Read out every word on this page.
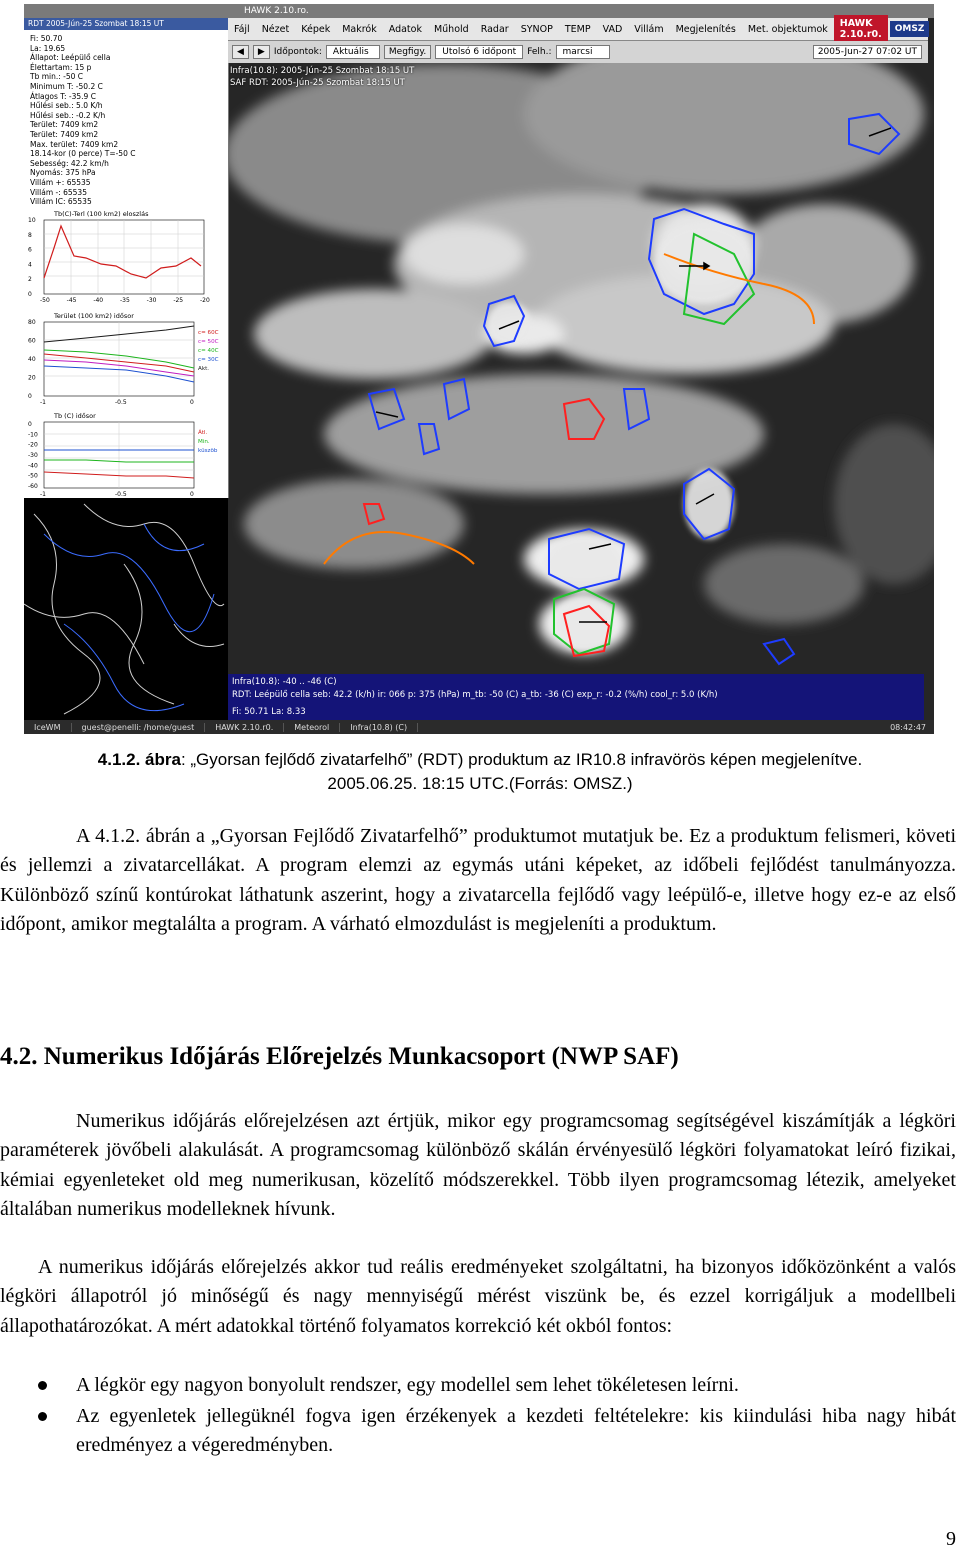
HAWK 2.10.ro.
RDT 2005-Jún-25 Szombat 18:15 UT
Fi: 50.70
La: 19.65
Állapot: Leépülő cella
Élettartam: 15 p
Tb min.: -50 C
Minimum T: -50.2 C
Átlagos T: -35.9 C
Hűlési seb.: 5.0 K/h
Hűlési seb.: -0.2 K/h
Terület: 7409 km2
Terület: 7409 km2
Max. terület: 7409 km2
18.14-kor (0 perce) T=-50 C
Sebesség: 42.2 km/h
Nyomás: 375 hPa
Villám +: 65535
Villám -: 65535
Villám IC: 65535
Tb(C)-Terl (100 km2) eloszlás
10
8
6
4
2
0
-50	-45	-40	-35	-30	-25	-20
Terület (100 km2) idősor
c= 60C
c= 50C
c= 40C
c= 30C
Akt.
80
60
40
20
0
-1	-0.5	0
Tb (C) idősor
Átl.
Min.
küszöb
0
-10
-20
-30
-40
-50
-60
-1	-0.5	0
Fájl	Nézet	Képek	Makrók	Adatok	Műhold	Radar	SYNOP	TEMP	VAD	Villám	Megjelenítés	Met. objektumok	HAWK 2.10.r0.	OMSZ
◀	▶	Időpontok:	Aktuális	Megfigy.	Utolsó 6 időpont	Felh.:	marcsi	2005-Jun-27 07:02 UT
Infra(10.8): 2005-Jún-25 Szombat 18:15 UT
SAF RDT: 2005-Jún-25 Szombat 18:15 UT
Infra(10.8): -40 .. -46 (C)
RDT: Leépülő cella seb: 42.2 (k/h) ir: 066 p: 375 (hPa) m_tb: -50 (C) a_tb: -36 (C) exp_r: -0.2 (%/h) cool_r: 5.0 (K/h)
Fi: 50.71 La: 8.33
IceWM	guest@penelli: /home/guest	HAWK 2.10.r0.	Meteorol	Infra(10.8) (C)	08:42:47
4.1.2. ábra: „Gyorsan fejlődő zivatarfelhő” (RDT) produktum az IR10.8 infravörös képen megjelenítve.
2005.06.25. 18:15 UTC.(Forrás: OMSZ.)
A 4.1.2. ábrán a „Gyorsan Fejlődő Zivatarfelhő” produktumot mutatjuk be. Ez a produktum felismeri, követi és jellemzi a zivatarcellákat. A program elemzi az egymás utáni képeket, az időbeli fejlődést tanulmányozza. Különböző színű kontúrokat láthatunk aszerint, hogy a zivatarcella fejlődő vagy leépülő-e, illetve hogy ez-e az első időpont, amikor megtalálta a program. A várható elmozdulást is megjeleníti a produktum.
4.2. Numerikus Időjárás Előrejelzés Munkacsoport (NWP SAF)
Numerikus időjárás előrejelzésen azt értjük, mikor egy programcsomag segítségével kiszámítják a légköri paraméterek jövőbeli alakulását. A programcsomag különböző skálán érvényesülő légköri folyamatokat leíró fizikai, kémiai egyenleteket old meg numerikusan, közelítő módszerekkel. Több ilyen programcsomag létezik, amelyeket általában numerikus modelleknek hívunk.
A numerikus időjárás előrejelzés akkor tud reális eredményeket szolgáltatni, ha bizonyos időközönként a valós légköri állapotról jó minőségű és nagy mennyiségű mérést viszünk be, és ezzel korrigáljuk a modellbeli állapothatározókat. A mért adatokkal történő folyamatos korrekció két okból fontos:
A légkör egy nagyon bonyolult rendszer, egy modellel sem lehet tökéletesen leírni.
Az egyenletek jellegüknél fogva igen érzékenyek a kezdeti feltételekre: kis kiindulási hiba nagy hibát eredményez a végeredményben.
9
